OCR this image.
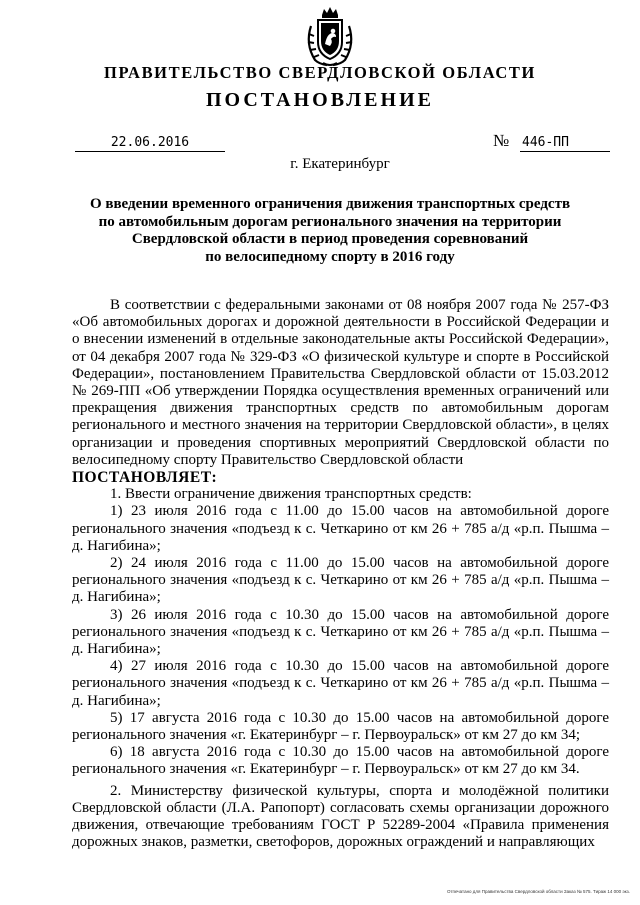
ПРАВИТЕЛЬСТВО СВЕРДЛОВСКОЙ ОБЛАСТИ
ПОСТАНОВЛЕНИЕ
22.06.2016	№ 446-ПП
г. Екатеринбург
О введении временного ограничения движения транспортных средств
по автомобильным дорогам регионального значения на территории
Свердловской области в период проведения соревнований
по велосипедному спорту в 2016 году

В соответствии с федеральными законами от 08 ноября 2007 года № 257-ФЗ «Об автомобильных дорогах и дорожной деятельности в Российской Федерации и о внесении изменений в отдельные законодательные акты Российской Федерации», от 04 декабря 2007 года № 329-ФЗ «О физической культуре и спорте в Российской Федерации», постановлением Правительства Свердловской области от 15.03.2012 № 269-ПП «Об утверждении Порядка осуществления временных ограничений или прекращения движения транспортных средств по автомобильным дорогам регионального и местного значения на территории Свердловской области», в целях организации и проведения спортивных мероприятий Свердловской области по велосипедному спорту Правительство Свердловской области

ПОСТАНОВЛЯЕТ:

1. Ввести ограничение движения транспортных средств:

1) 23 июля 2016 года с 11.00 до 15.00 часов на автомобильной дороге регионального значения «подъезд к с. Четкарино от км 26 + 785 а/д «р.п. Пышма – д. Нагибина»;

2) 24 июля 2016 года с 11.00 до 15.00 часов на автомобильной дороге регионального значения «подъезд к с. Четкарино от км 26 + 785 а/д «р.п. Пышма – д. Нагибина»;

3) 26 июля 2016 года с 10.30 до 15.00 часов на автомобильной дороге регионального значения «подъезд к с. Четкарино от км 26 + 785 а/д «р.п. Пышма – д. Нагибина»;

4) 27 июля 2016 года с 10.30 до 15.00 часов на автомобильной дороге регионального значения «подъезд к с. Четкарино от км 26 + 785 а/д «р.п. Пышма – д. Нагибина»;

5) 17 августа 2016 года с 10.30 до 15.00 часов на автомобильной дороге регионального значения «г. Екатеринбург – г. Первоуральск» от км 27 до км 34;

6) 18 августа 2016 года с 10.30 до 15.00 часов на автомобильной дороге регионального значения «г. Екатеринбург – г. Первоуральск» от км 27 до км 34.

2. Министерству физической культуры, спорта и молодёжной политики Свердловской области (Л.А. Рапопорт) согласовать схемы организации дорожного движения, отвечающие требованиям ГОСТ Р 52289-2004 «Правила применения дорожных знаков, разметки, светофоров, дорожных ограждений и направляющих

Отпечатано для Правительства Свердловской области Заказ № 575. Тираж 14 000 экз.
